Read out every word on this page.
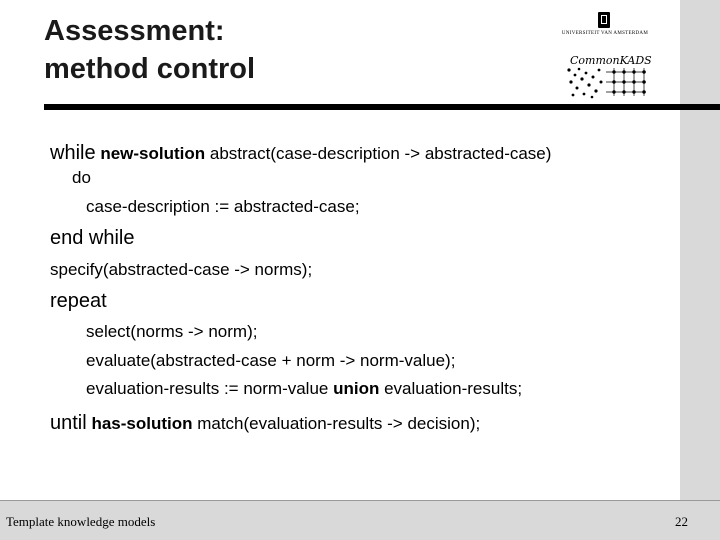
Assessment:
method control
UNIVERSITEIT VAN AMSTERDAM
CommonKADS
while new-solution abstract(case-description -> abstracted-case)
do
case-description := abstracted-case;
end while
specify(abstracted-case -> norms);
repeat
select(norms -> norm);
evaluate(abstracted-case + norm -> norm-value);
evaluation-results := norm-value union evaluation-results;
until has-solution match(evaluation-results -> decision);
Template knowledge models	22
